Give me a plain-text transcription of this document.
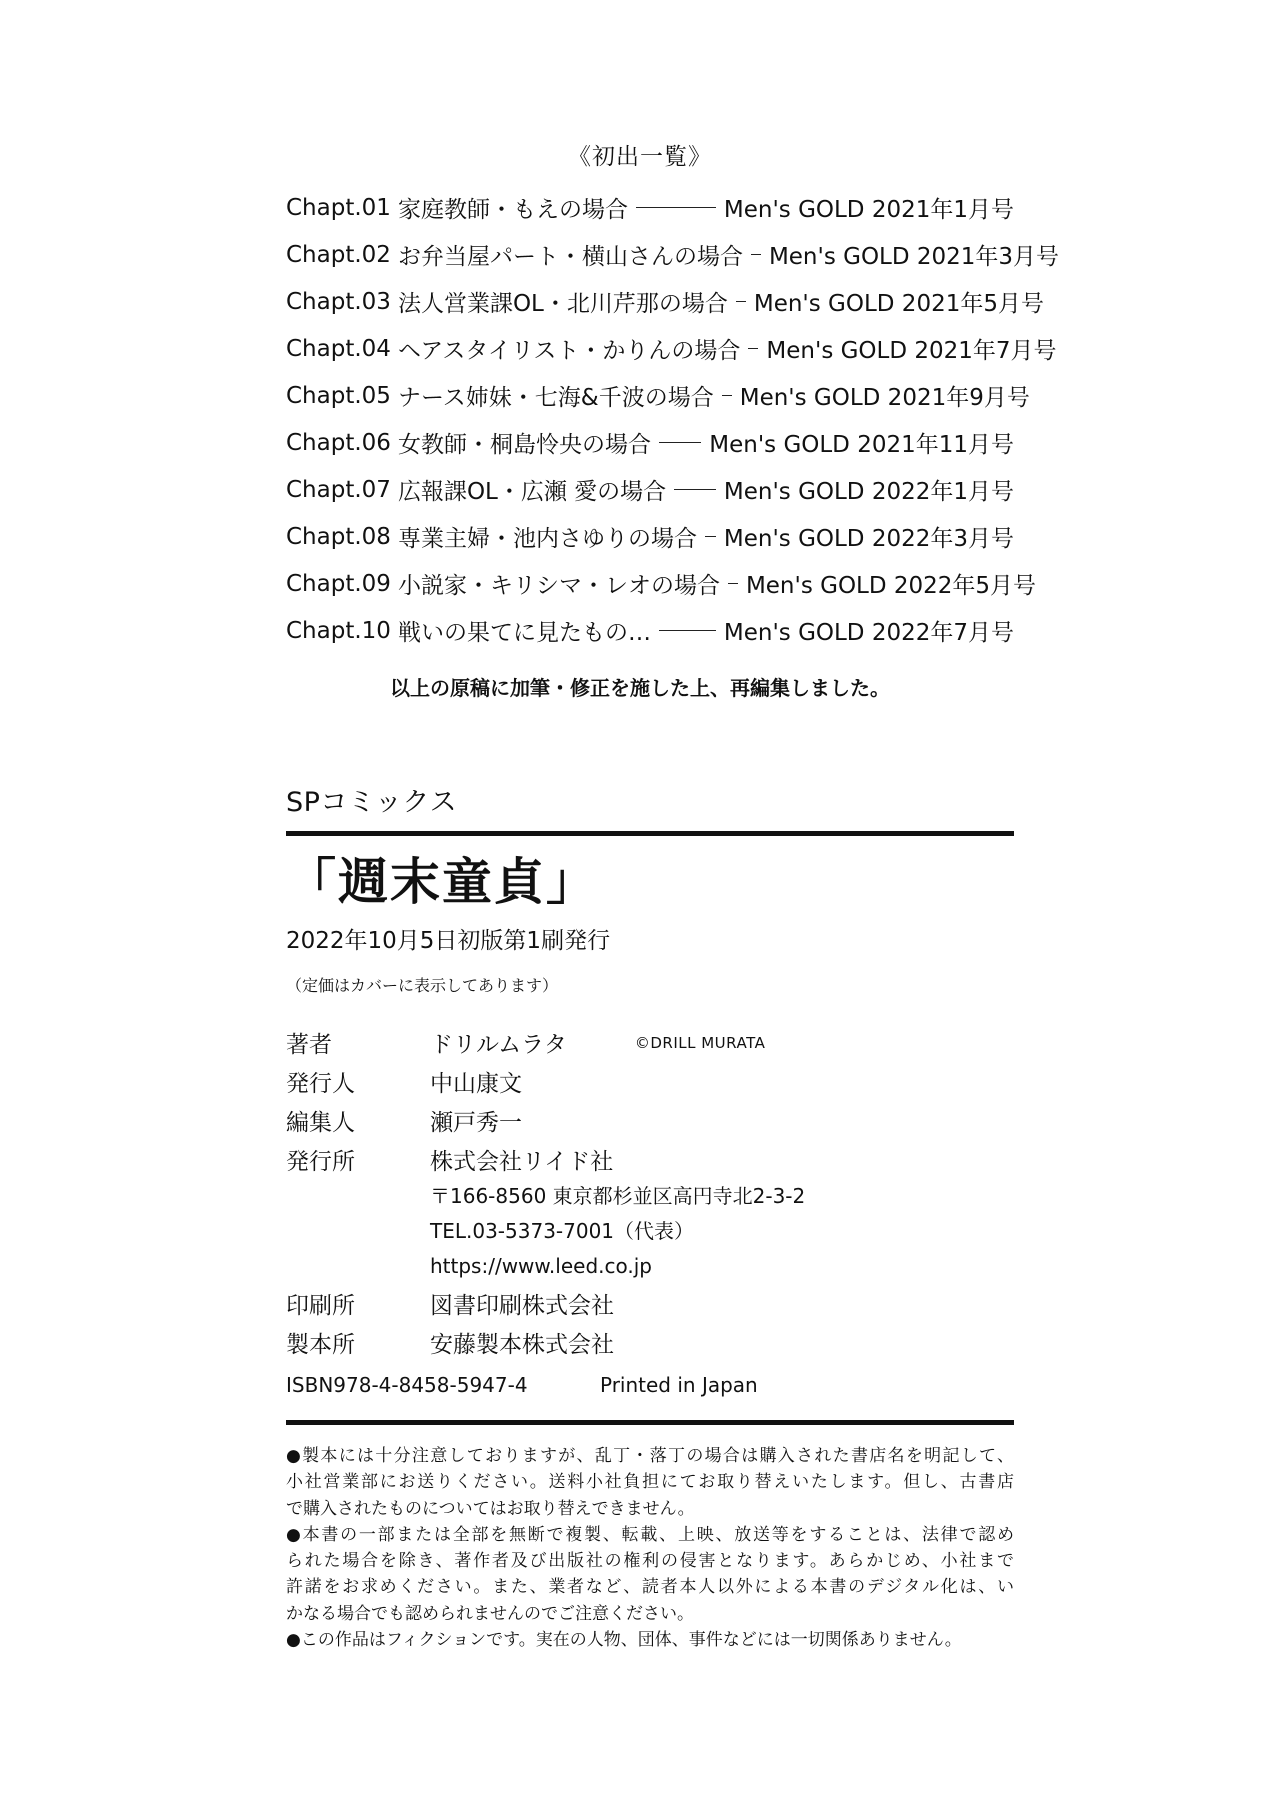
《初出一覧》
Chapt.01 家庭教師・もえの場合	Men's GOLD 2021年1月号
Chapt.02 お弁当屋パート・横山さんの場合 Men's GOLD 2021年3月号
Chapt.03 法人営業課OL・北川芹那の場合 Men's GOLD 2021年5月号
Chapt.04 ヘアスタイリスト・かりんの場合 Men's GOLD 2021年7月号
Chapt.05 ナース姉妹・七海&千波の場合 Men's GOLD 2021年9月号
Chapt.06 女教師・桐島怜央の場合	Men's GOLD 2021年11月号
Chapt.07 広報課OL・広瀬 愛の場合	Men's GOLD 2022年1月号
Chapt.08 専業主婦・池内さゆりの場合 Men's GOLD 2022年3月号
Chapt.09 小説家・キリシマ・レオの場合 Men's GOLD 2022年5月号
Chapt.10 戦いの果てに見たもの…	Men's GOLD 2022年7月号
以上の原稿に加筆・修正を施した上、再編集しました。
SPコミックス
「週末童貞」
2022年10月5日初版第1刷発行
（定価はカバーに表示してあります）
著者	ドリルムラタ	©DRILL MURATA
発行人	中山康文
編集人	瀬戸秀一
発行所	株式会社リイド社
〒166-8560 東京都杉並区高円寺北2-3-2
TEL.03-5373-7001（代表）
https://www.leed.co.jp
印刷所	図書印刷株式会社
製本所	安藤製本株式会社
ISBN978-4-8458-5947-4	Printed in Japan
●製本には十分注意しておりますが、乱丁・落丁の場合は購入された書店名を明記して、
小社営業部にお送りください。送料小社負担にてお取り替えいたします。但し、古書店
で購入されたものについてはお取り替えできません。
●本書の一部または全部を無断で複製、転載、上映、放送等をすることは、法律で認め
られた場合を除き、著作者及び出版社の権利の侵害となります。あらかじめ、小社まで
許諾をお求めください。また、業者など、読者本人以外による本書のデジタル化は、い
かなる場合でも認められませんのでご注意ください。
●この作品はフィクションです。実在の人物、団体、事件などには一切関係ありません。
